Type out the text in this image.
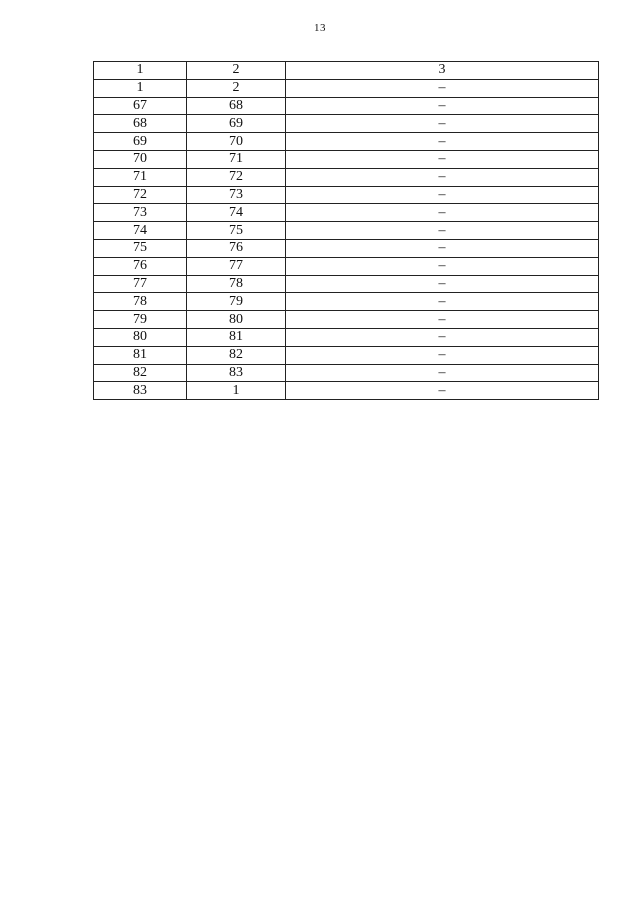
13
1	2	3
1	2	–
67	68	–
68	69	–
69	70	–
70	71	–
71	72	–
72	73	–
73	74	–
74	75	–
75	76	–
76	77	–
77	78	–
78	79	–
79	80	–
80	81	–
81	82	–
82	83	–
83	1	–
